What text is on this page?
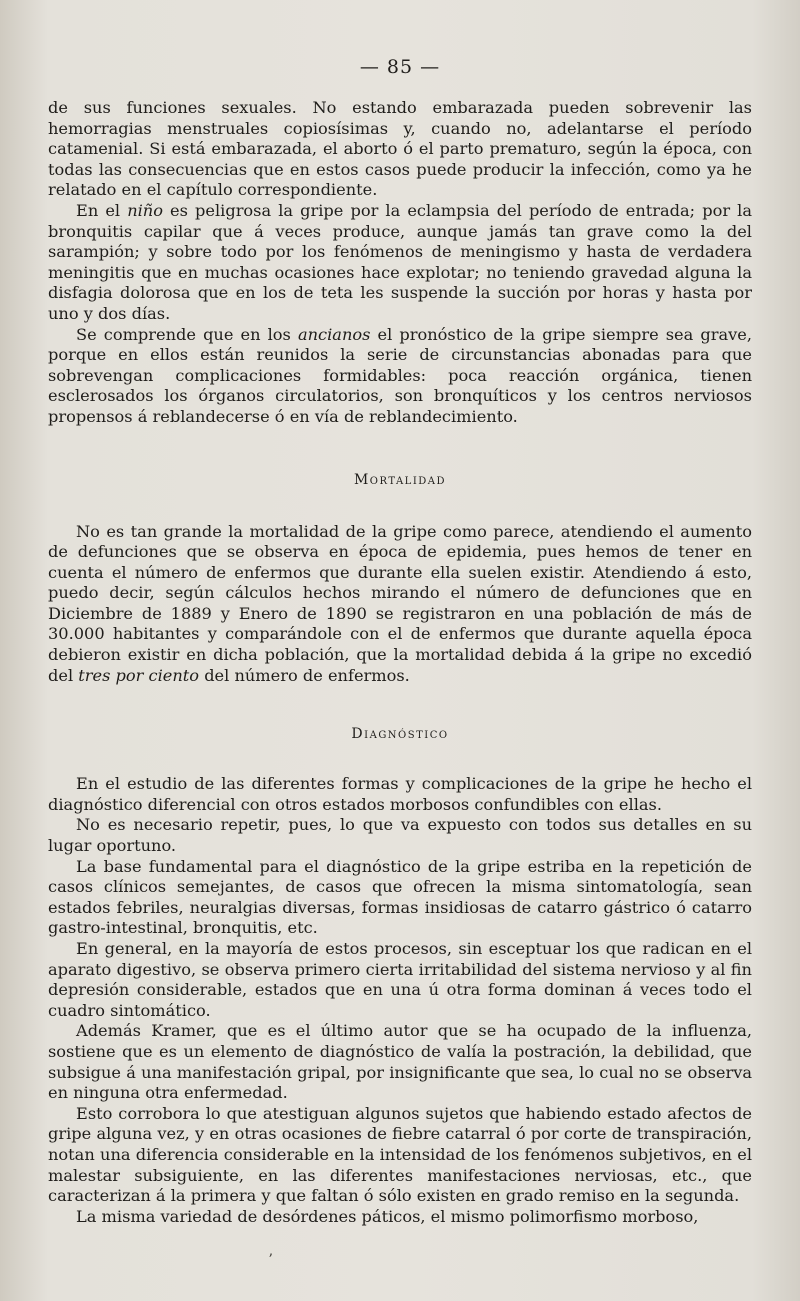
— 85 —

de sus funciones sexuales. No estando embarazada pueden sobrevenir las hemorragias menstruales copiosísimas y, cuando no, adelantarse el período catamenial. Si está embarazada, el aborto ó el parto prematuro, según la época, con todas las consecuencias que en estos casos puede producir la infección, como ya he relatado en el capítulo correspondiente.

En el niño es peligrosa la gripe por la eclampsia del período de entrada; por la bronquitis capilar que á veces produce, aunque jamás tan grave como la del sarampión; y sobre todo por los fenómenos de meningismo y hasta de verdadera meningitis que en muchas ocasiones hace explotar; no teniendo gravedad alguna la disfagia dolorosa que en los de teta les suspende la succión por horas y hasta por uno y dos días.

Se comprende que en los ancianos el pronóstico de la gripe siempre sea grave, porque en ellos están reunidos la serie de circunstancias abonadas para que sobrevengan complicaciones formidables: poca reacción orgánica, tienen esclerosados los órganos circulatorios, son bronquíticos y los centros nerviosos propensos á reblandecerse ó en vía de reblandecimiento.

Mortalidad

No es tan grande la mortalidad de la gripe como parece, atendiendo el aumento de defunciones que se observa en época de epidemia, pues hemos de tener en cuenta el número de enfermos que durante ella suelen existir. Atendiendo á esto, puedo decir, según cálculos hechos mirando el número de defunciones que en Diciembre de 1889 y Enero de 1890 se registraron en una población de más de 30.000 habitantes y comparándole con el de enfermos que durante aquella época debieron existir en dicha población, que la mortalidad debida á la gripe no excedió del tres por ciento del número de enfermos.

Diagnóstico

En el estudio de las diferentes formas y complicaciones de la gripe he hecho el diagnóstico diferencial con otros estados morbosos confundibles con ellas.

No es necesario repetir, pues, lo que va expuesto con todos sus detalles en su lugar oportuno.

La base fundamental para el diagnóstico de la gripe estriba en la repetición de casos clínicos semejantes, de casos que ofrecen la misma sintomatología, sean estados febriles, neuralgias diversas, formas insidiosas de catarro gástrico ó catarro gastro-intestinal, bronquitis, etc.

En general, en la mayoría de estos procesos, sin esceptuar los que radican en el aparato digestivo, se observa primero cierta irritabilidad del sistema nervioso y al fin depresión considerable, estados que en una ú otra forma dominan á veces todo el cuadro sintomático.

Además Kramer, que es el último autor que se ha ocupado de la influenza, sostiene que es un elemento de diagnóstico de valía la postración, la debilidad, que subsigue á una manifestación gripal, por insignificante que sea, lo cual no se observa en ninguna otra enfermedad.

Esto corrobora lo que atestiguan algunos sujetos que habiendo estado afectos de gripe alguna vez, y en otras ocasiones de fiebre catarral ó por corte de transpiración, notan una diferencia considerable en la intensidad de los fenómenos subjetivos, en el malestar subsiguiente, en las diferentes manifestaciones nerviosas, etc., que caracterizan á la primera y que faltan ó sólo existen en grado remiso en la segunda.

La misma variedad de desórdenes páticos, el mismo polimorfismo morboso,

ʼ
